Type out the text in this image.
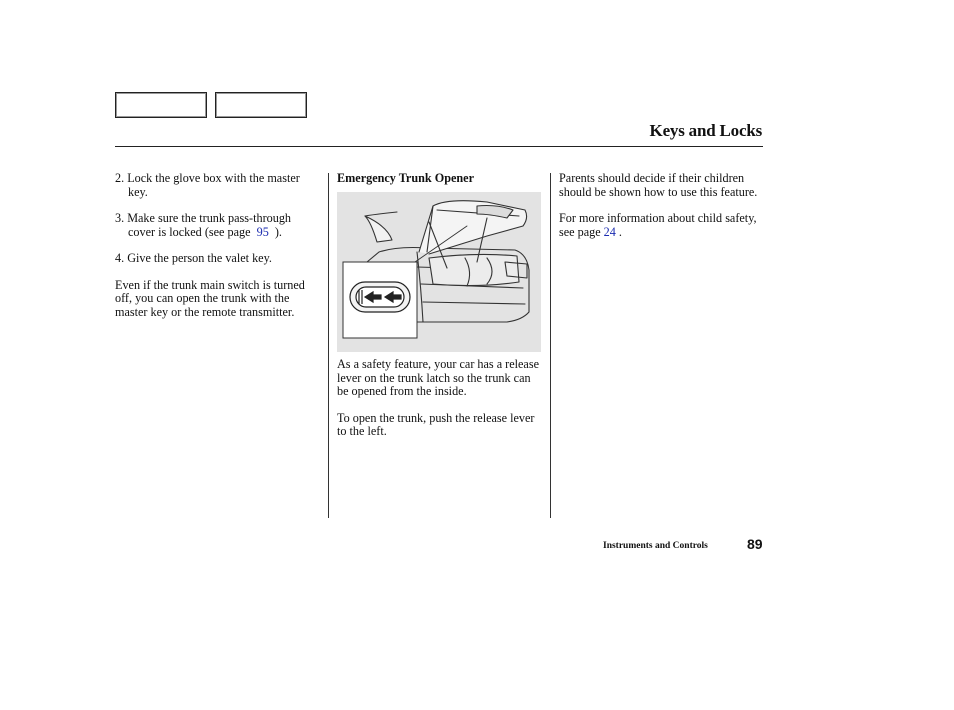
Keys and Locks

2. Lock the glove box with the master key.

3. Make sure the trunk pass-through cover is locked (see page 95 ).

4. Give the person the valet key.

Even if the trunk main switch is turned off, you can open the trunk with the master key or the remote transmitter.

Emergency Trunk Opener

As a safety feature, your car has a release lever on the trunk latch so the trunk can be opened from the inside.

To open the trunk, push the release lever to the left.

Parents should decide if their children should be shown how to use this feature.

For more information about child safety, see page 24 .

Instruments and Controls	89
